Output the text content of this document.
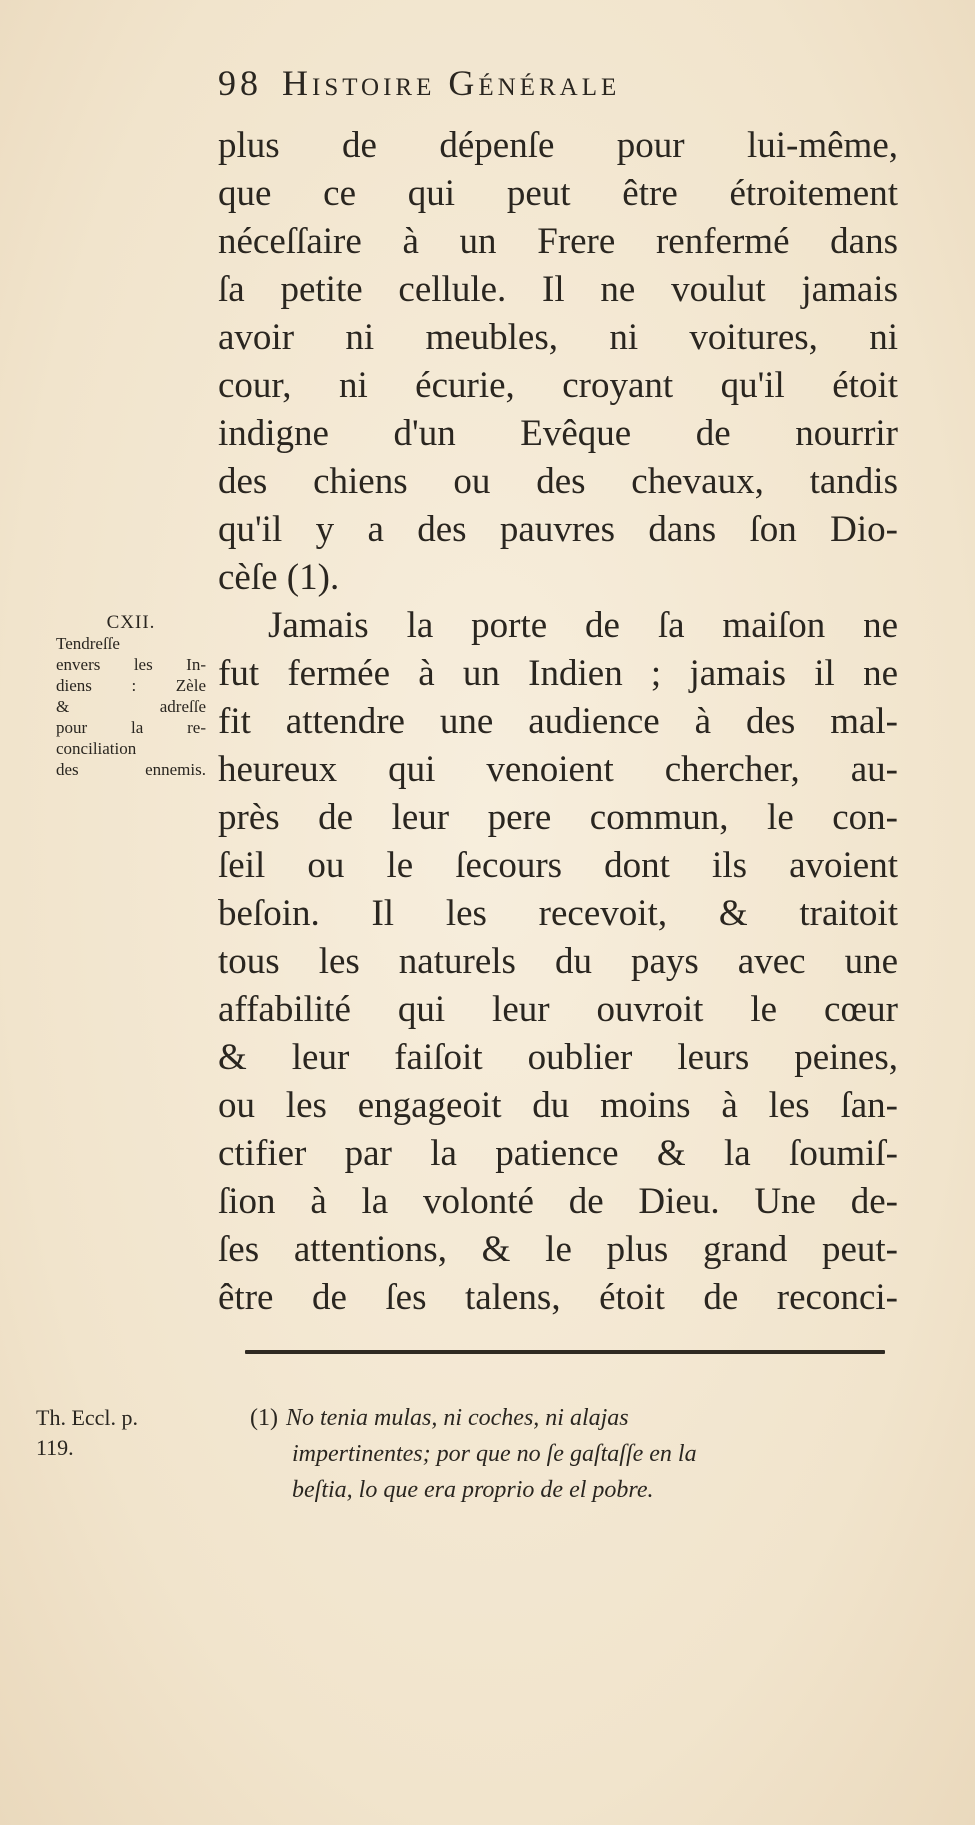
98 Histoire Générale
plus de dépenſe pour lui-même,
que ce qui peut être étroitement
néceſſaire à un Frere renfermé dans
ſa petite cellule. Il ne voulut jamais
avoir ni meubles, ni voitures, ni
cour, ni écurie, croyant qu'il étoit
indigne d'un Evêque de nourrir
des chiens ou des chevaux, tandis
qu'il y a des pauvres dans ſon Dio-
cèſe (1).
Jamais la porte de ſa maiſon ne
fut fermée à un Indien ; jamais il ne
fit attendre une audience à des mal-
heureux qui venoient chercher, au-
près de leur pere commun, le con-
ſeil ou le ſecours dont ils avoient
beſoin. Il les recevoit, & traitoit
tous les naturels du pays avec une
affabilité qui leur ouvroit le cœur
& leur faiſoit oublier leurs peines,
ou les engageoit du moins à les ſan-
ctifier par la patience & la ſoumiſ-
ſion à la volonté de Dieu. Une de-
ſes attentions, & le plus grand peut-
être de ſes talens, étoit de reconci-
CXII.
Tendreſſe
envers les In-
diens : Zèle
& adreſſe
pour la re-
conciliation
des ennemis.
Th. Eccl. p.
119.
(1) No tenia mulas, ni coches, ni alajas
impertinentes; por que no ſe gaſtaſſe en la
beſtia, lo que era proprio de el pobre.
